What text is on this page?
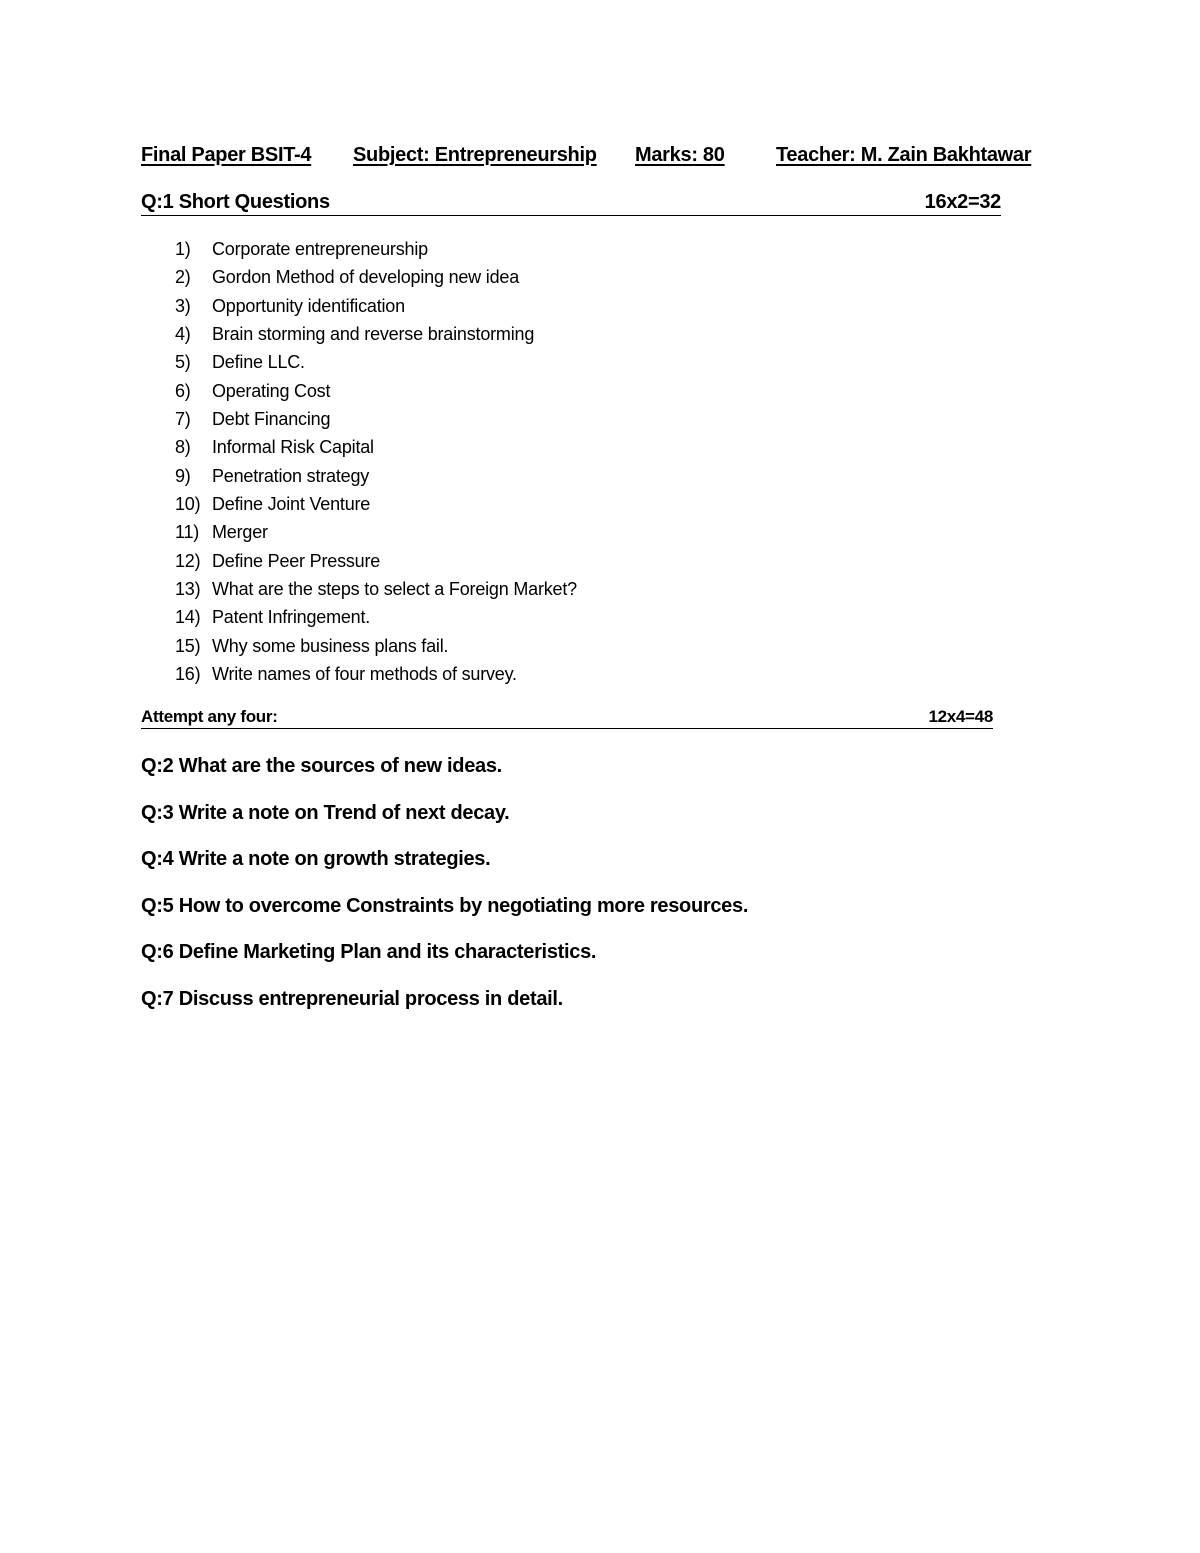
Final Paper BSIT-4 Subject: Entrepreneurship Marks: 80	Teacher: M. Zain Bakhtawar
Q:1 Short Questions	16x2=32
1)	Corporate entrepreneurship
2)	Gordon Method of developing new idea
3)	Opportunity identification
4)	Brain storming and reverse brainstorming
5)	Define LLC.
6)	Operating Cost
7)	Debt Financing
8)	Informal Risk Capital
9)	Penetration strategy
10) Define Joint Venture
11) Merger
12) Define Peer Pressure
13) What are the steps to select a Foreign Market?
14) Patent Infringement.
15) Why some business plans fail.
16) Write names of four methods of survey.
Attempt any four:	12x4=48
Q:2 What are the sources of new ideas.
Q:3 Write a note on Trend of next decay.
Q:4 Write a note on growth strategies.
Q:5 How to overcome Constraints by negotiating more resources.
Q:6 Define Marketing Plan and its characteristics.
Q:7 Discuss entrepreneurial process in detail.
